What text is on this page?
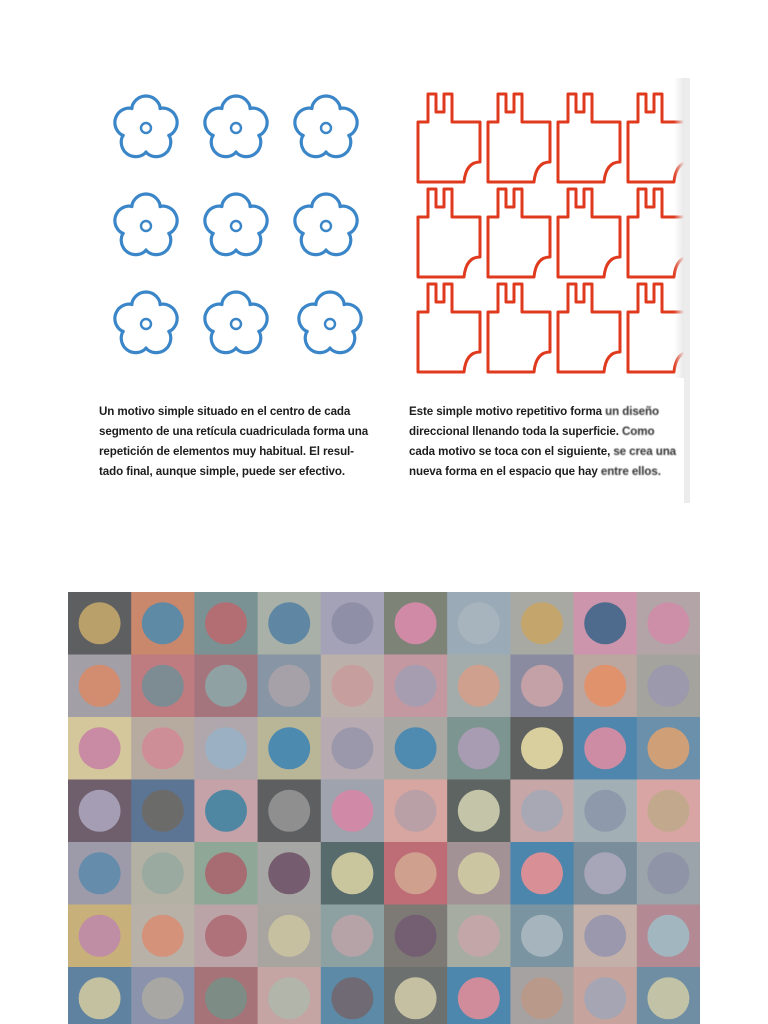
Un motivo simple situado en el centro de cada
segmento de una retícula cuadriculada forma una
repetición de elementos muy habitual. El resul-
tado final, aunque simple, puede ser efectivo.
Este simple motivo repetitivo forma un diseño
direccional llenando toda la superficie. Como
cada motivo se toca con el siguiente, se crea una
nueva forma en el espacio que hay entre ellos.
